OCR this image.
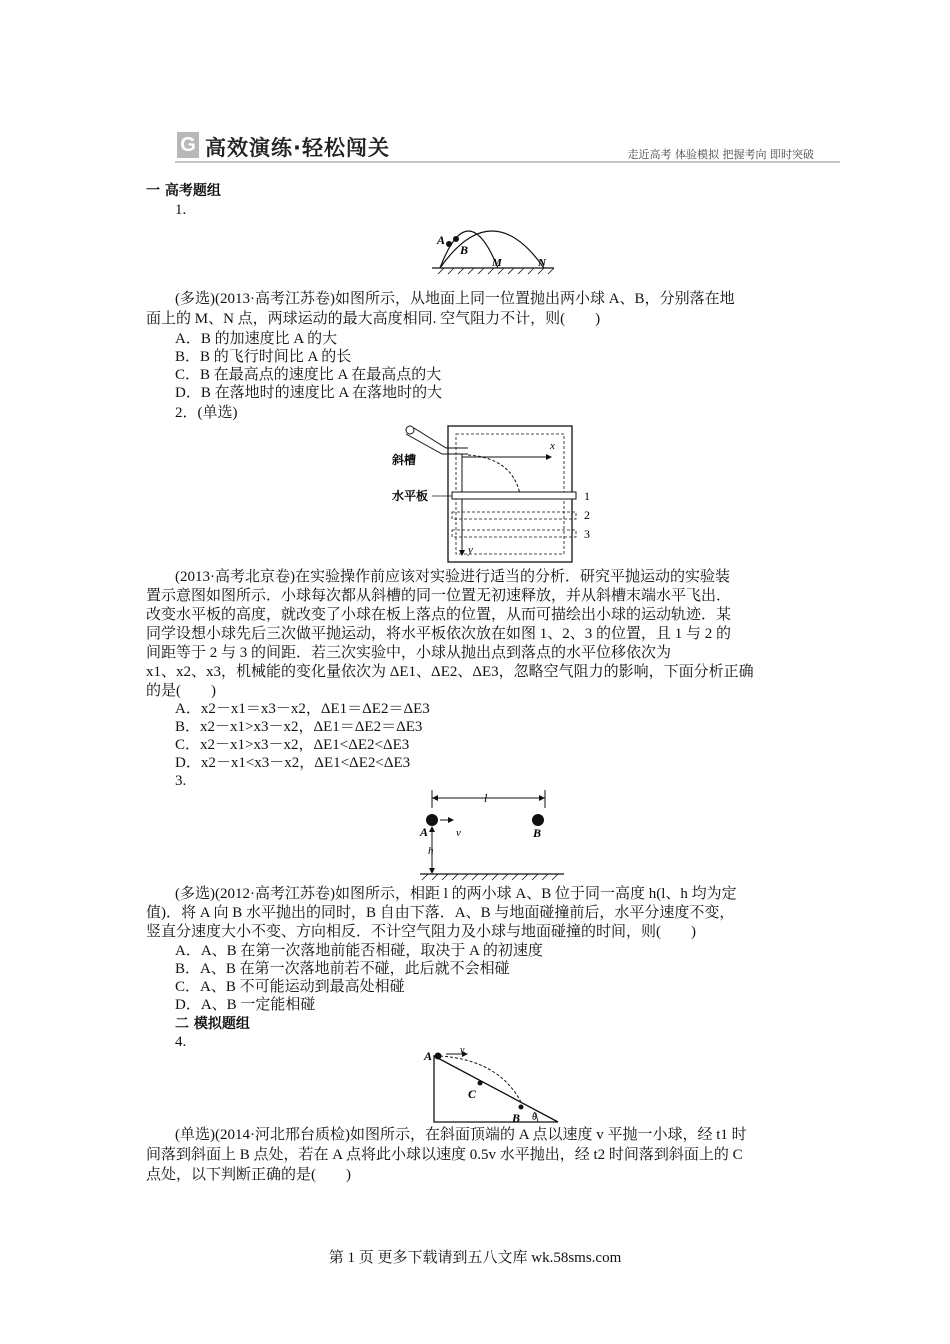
G 高效演练·轻松闯关	走近高考 体验模拟 把握考向 即时突破
一 高考题组
1.
A
B
M	N
(多选)(2013·高考江苏卷)如图所示，从地面上同一位置抛出两小球 A、B，分别落在地
面上的 M、N 点，两球运动的最大高度相同. 空气阻力不计，则(　　)
A．B 的加速度比 A 的大
B．B 的飞行时间比 A 的长
C．B 在最高点的速度比 A 在最高点的大
D．B 在落地时的速度比 A 在落地时的大
2．(单选)
斜槽
水平板
x
y
1
2
3
(2013·高考北京卷)在实验操作前应该对实验进行适当的分析．研究平抛运动的实验装
置示意图如图所示．小球每次都从斜槽的同一位置无初速释放，并从斜槽末端水平飞出．
改变水平板的高度，就改变了小球在板上落点的位置，从而可描绘出小球的运动轨迹．某
同学设想小球先后三次做平抛运动，将水平板依次放在如图 1、2、3 的位置，且 1 与 2 的
间距等于 2 与 3 的间距．若三次实验中，小球从抛出点到落点的水平位移依次为
x1、x2、x3，机械能的变化量依次为 ΔE1、ΔE2、ΔE3，忽略空气阻力的影响，下面分析正确
的是(　　)
A．x2－x1＝x3－x2，ΔE1＝ΔE2＝ΔE3
B．x2－x1>x3－x2，ΔE1＝ΔE2＝ΔE3
C．x2－x1>x3－x2，ΔE1<ΔE2<ΔE3
D．x2－x1<x3－x2，ΔE1<ΔE2<ΔE3
3.
l
A	v	B
h
(多选)(2012·高考江苏卷)如图所示，相距 l 的两小球 A、B 位于同一高度 h(l、h 均为定
值)．将 A 向 B 水平抛出的同时，B 自由下落．A、B 与地面碰撞前后，水平分速度不变，
竖直分速度大小不变、方向相反．不计空气阻力及小球与地面碰撞的时间，则(　　)
A．A、B 在第一次落地前能否相碰，取决于 A 的初速度
B．A、B 在第一次落地前若不碰，此后就不会相碰
C．A、B 不可能运动到最高处相碰
D．A、B 一定能相碰
二 模拟题组
4.
A	v
C
B θ
(单选)(2014·河北邢台质检)如图所示，在斜面顶端的 A 点以速度 v 平抛一小球，经 t1 时
间落到斜面上 B 点处，若在 A 点将此小球以速度 0.5v 水平抛出，经 t2 时间落到斜面上的 C
点处，以下判断正确的是(　　)
第 1 页 更多下载请到五八文库 wk.58sms.com
